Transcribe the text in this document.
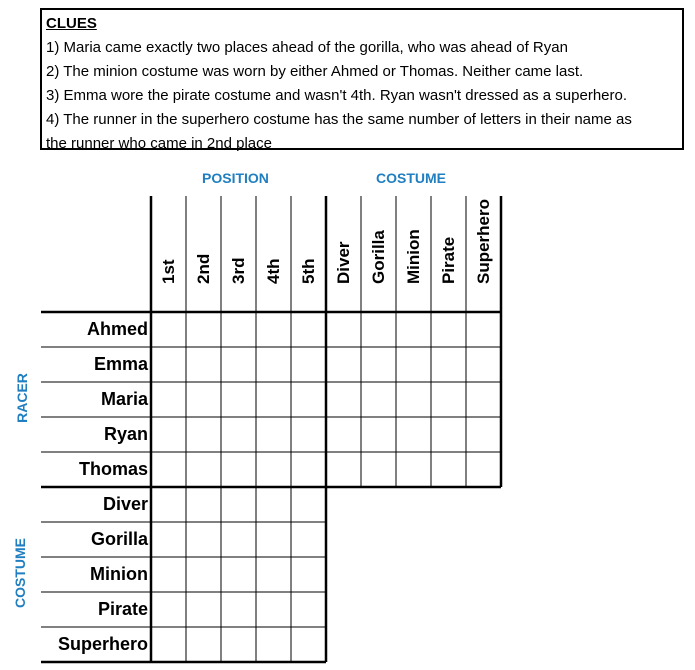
CLUES
1) Maria came exactly two places ahead of the gorilla, who was ahead of Ryan
2) The minion costume was worn by either Ahmed or Thomas. Neither came last.
3) Emma wore the pirate costume and wasn't 4th. Ryan wasn't dressed as a superhero.
4) The runner in the superhero costume has the same number of letters in their name as
the runner who came in 2nd place
POSITION	COSTUME
RACER
COSTUME
1st 2nd 3rd 4th 5th Diver Gorilla Minion Pirate Superhero
Ahmed
Emma
Maria
Ryan
Thomas
Diver
Gorilla
Minion
Pirate
Superhero
